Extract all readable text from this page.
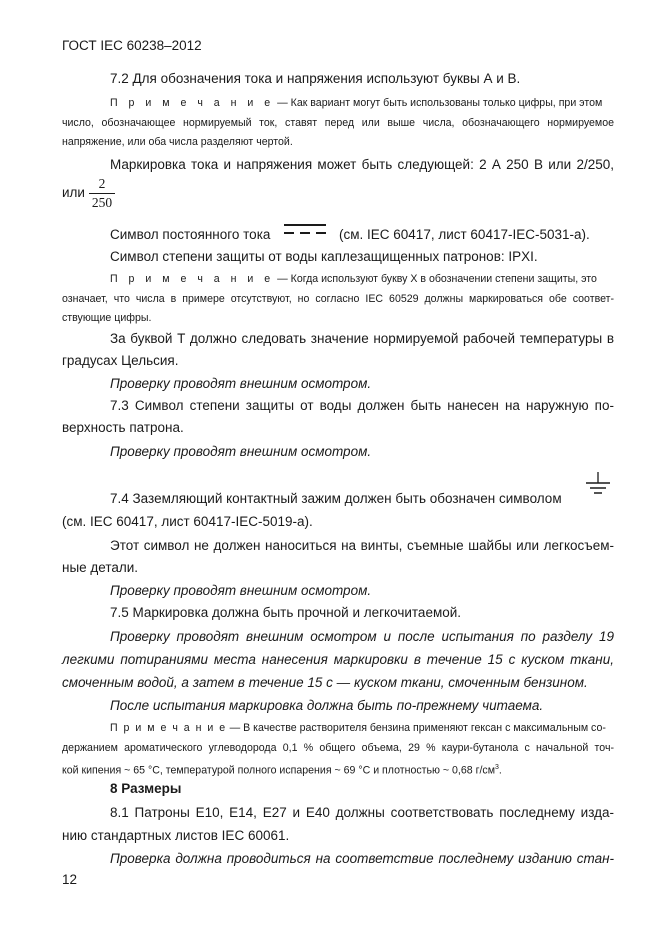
ГОСТ IEC 60238–2012
7.2 Для обозначения тока и напряжения используют буквы А и В.
П р и м е ч а н и е — Как вариант могут быть использованы только цифры, при этом
число, обозначающее нормируемый ток, ставят перед или выше числа, обозначающего нормируемое
напряжение, или оба числа разделяют чертой.
Маркировка тока и напряжения может быть следующей: 2 А 250 В или 2/250,
или
2
250
Символ постоянного тока	(см. IEC 60417, лист 60417-IEC-5031-a).
Символ степени защиты от воды каплезащищенных патронов: IPXI.
П р и м е ч а н и е — Когда используют букву X в обозначении степени защиты, это
означает, что числа в примере отсутствуют, но согласно IEC 60529 должны маркироваться обе соответ-
ствующие цифры.
За буквой Т должно следовать значение нормируемой рабочей температуры в
градусах Цельсия.
Проверку проводят внешним осмотром.
7.3 Символ степени защиты от воды должен быть нанесен на наружную по-
верхность патрона.
Проверку проводят внешним осмотром.
7.4 Заземляющий контактный зажим должен быть обозначен символом
(см. IEC 60417, лист 60417-IEC-5019-a).
Этот символ не должен наноситься на винты, съемные шайбы или легкосъем-
ные детали.
Проверку проводят внешним осмотром.
7.5 Маркировка должна быть прочной и легкочитаемой.
Проверку проводят внешним осмотром и после испытания по разделу 19
легкими потираниями места нанесения маркировки в течение 15 с куском ткани,
смоченным водой, а затем в течение 15 с — куском ткани, смоченным бензином.
После испытания маркировка должна быть по-прежнему читаема.
П р и м е ч а н и е — В качестве растворителя бензина применяют гексан с максимальным со-
держанием ароматического углеводорода 0,1 % общего объема, 29 % каури-бутанола с начальной точ-
кой кипения ~ 65 °C, температурой полного испарения ~ 69 °C и плотностью ~ 0,68 $г/см^3$.
8 Размеры
8.1 Патроны Е10, Е14, Е27 и Е40 должны соответствовать последнему изда-
нию стандартных листов IEC 60061.
Проверка должна проводиться на соответствие последнему изданию стан-
12
